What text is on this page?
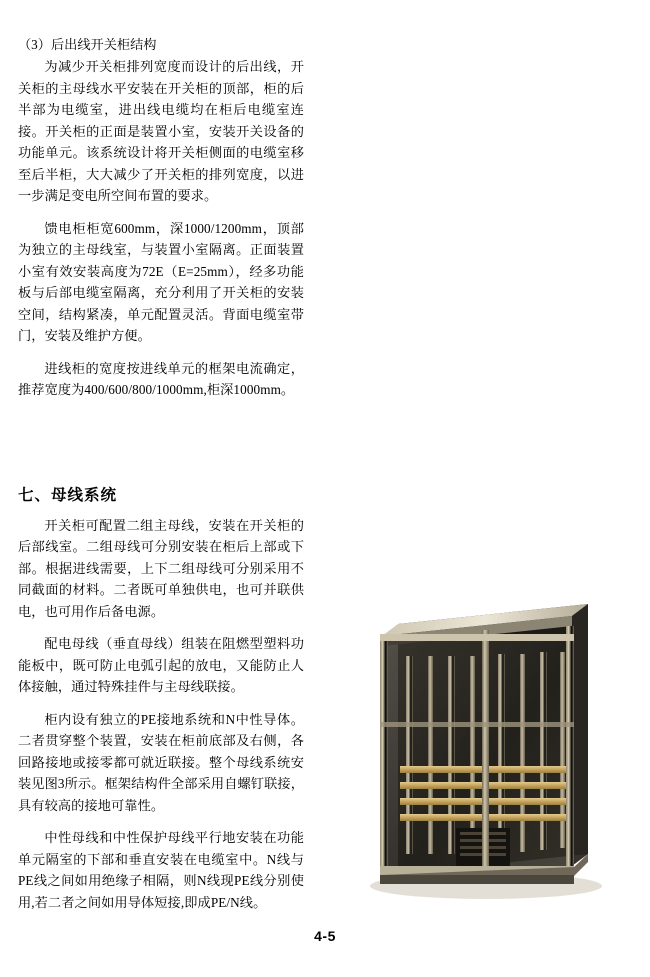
（3）后出线开关柜结构

为减少开关柜排列宽度而设计的后出线，开关柜的主母线水平安装在开关柜的顶部，柜的后半部为电缆室，进出线电缆均在柜后电缆室连接。开关柜的正面是装置小室，安装开关设备的功能单元。该系统设计将开关柜侧面的电缆室移至后半柜，大大减少了开关柜的排列宽度，以进一步满足变电所空间布置的要求。

馈电柜柜宽600mm，深1000/1200mm，顶部为独立的主母线室，与装置小室隔离。正面装置小室有效安装高度为72E（E=25mm），经多功能板与后部电缆室隔离，充分利用了开关柜的安装空间，结构紧凑，单元配置灵活。背面电缆室带门，安装及维护方便。

进线柜的宽度按进线单元的框架电流确定，推荐宽度为400/600/800/1000mm,柜深1000mm。

七、母线系统

开关柜可配置二组主母线，安装在开关柜的后部线室。二组母线可分别安装在柜后上部或下部。根据进线需要，上下二组母线可分别采用不同截面的材料。二者既可单独供电，也可并联供电，也可用作后备电源。

配电母线（垂直母线）组装在阻燃型塑料功能板中，既可防止电弧引起的放电，又能防止人体接触，通过特殊挂件与主母线联接。

柜内设有独立的PE接地系统和N中性导体。二者贯穿整个装置，安装在柜前底部及右侧，各回路接地或接零都可就近联接。整个母线系统安装见图3所示。框架结构件全部采用自螺钉联接，具有较高的接地可靠性。

中性母线和中性保护母线平行地安装在功能单元隔室的下部和垂直安装在电缆室中。N线与PE线之间如用绝缘子相隔，则N线现PE线分别使用,若二者之间如用导体短接,即成PE/N线。

4-5
